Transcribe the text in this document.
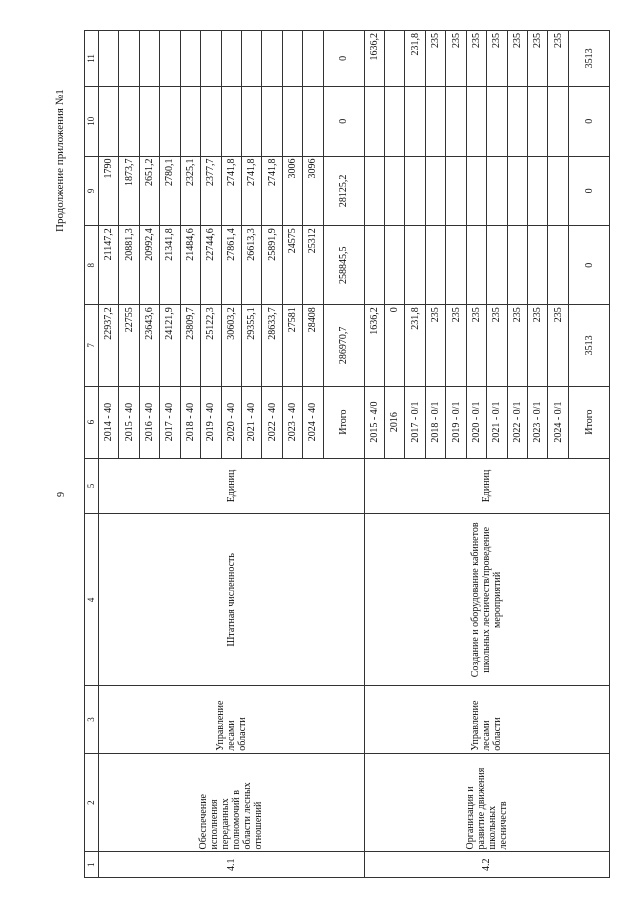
9
Продолжение приложения №1
1	2	3	4	5	6	7	8	9	10	11
4.1	Обеспечение исполнения переданных полномочий в области лесных отношений	Управление лесами области	Штатная численность	Единиц	2014 - 40	22937,2	21147,2	1790		
					2015 - 40	22755	20881,3	1873,7		
					2016 - 40	23643,6	20992,4	2651,2		
					2017 - 40	24121,9	21341,8	2780,1		
					2018 - 40	23809,7	21484,6	2325,1		
					2019 - 40	25122,3	22744,6	2377,7		
					2020 - 40	30603,2	27861,4	2741,8		
					2021 - 40	29355,1	26613,3	2741,8		
					2022 - 40	28633,7	25891,9	2741,8		
					2023 - 40	27581	24575	3006		
					2024 - 40	28408	25312	3096		
					Итого	286970,7	258845,5	28125,2	0	0
4.2	Организация и развитие движения школьных лесничеств	Управление лесами области	Создание и оборудование кабинетов школьных лесничеств/проведение мероприятий	Единиц	2015 - 4/0	1636,2				1636,2
					2016	0				
					2017 - 0/1	231,8				231,8
					2018 - 0/1	235				235
					2019 - 0/1	235				235
					2020 - 0/1	235				235
					2021 - 0/1	235				235
					2022 - 0/1	235				235
					2023 - 0/1	235				235
					2024 - 0/1	235				235
					Итого	3513	0	0	0	3513
